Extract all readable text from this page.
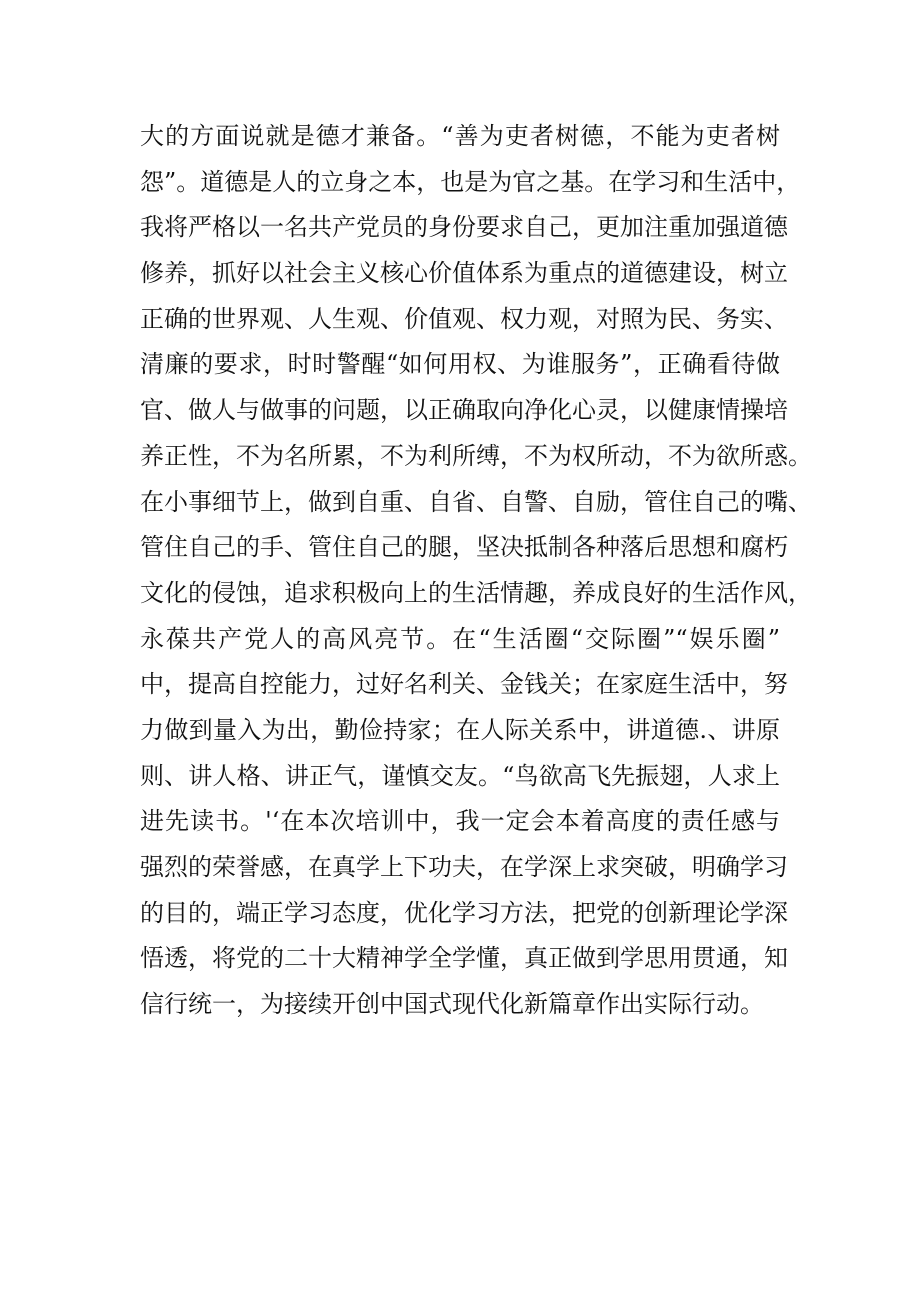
大的方面说就是德才兼备。“善为吏者树德，不能为吏者树
怨”。道德是人的立身之本，也是为官之基。在学习和生活中，
我将严格以一名共产党员的身份要求自己，更加注重加强道德
修养，抓好以社会主义核心价值体系为重点的道德建设，树立
正确的世界观、人生观、价值观、权力观，对照为民、务实、
清廉的要求，时时警醒“如何用权、为谁服务”，正确看待做
官、做人与做事的问题，以正确取向净化心灵，以健康情操培
养正性，不为名所累，不为利所缚，不为权所动，不为欲所惑。
在小事细节上，做到自重、自省、自警、自励，管住自己的嘴、
管住自己的手、管住自己的腿，坚决抵制各种落后思想和腐朽
文化的侵蚀，追求积极向上的生活情趣，养成良好的生活作风，
永葆共产党人的高风亮节。在“生活圈“交际圈”“娱乐圈”
中，提高自控能力，过好名利关、金钱关；在家庭生活中，努
力做到量入为出，勤俭持家；在人际关系中，讲道德.、讲原
则、讲人格、讲正气，谨慎交友。“鸟欲高飞先振翅，人求上
进先读书。'‘在本次培训中，我一定会本着高度的责任感与
强烈的荣誉感，在真学上下功夫，在学深上求突破，明确学习
的目的，端正学习态度，优化学习方法，把党的创新理论学深
悟透，将党的二十大精神学全学懂，真正做到学思用贯通，知
信行统一，为接续开创中国式现代化新篇章作出实际行动。
